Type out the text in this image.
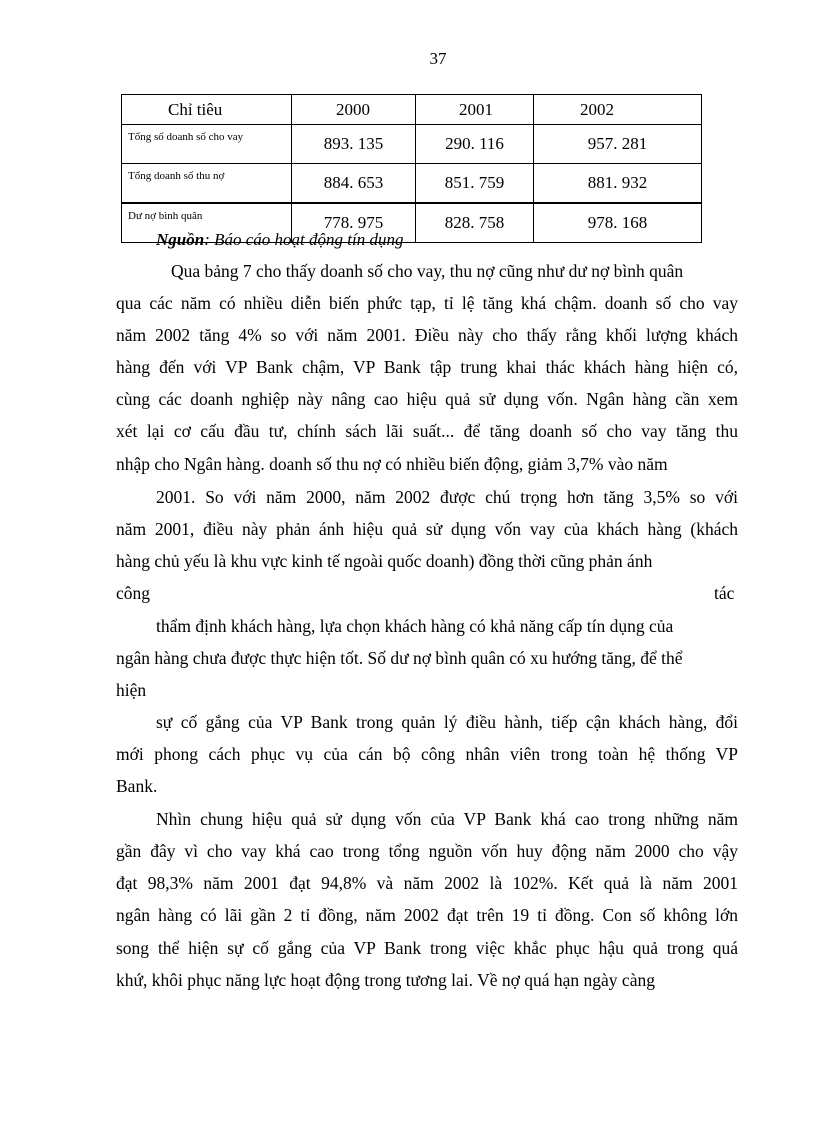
37
Chỉ tiêu	2000	2001	2002
Tổng số doanh số cho vay	893. 135	290. 116	957. 281
Tổng doanh số thu nợ	884. 653	851. 759	881. 932
Dư nợ bình quân	778. 975	828. 758	978. 168
Nguồn: Báo cáo hoạt động tín dụng
Qua bảng 7 cho thấy doanh số cho vay, thu nợ cũng như dư nợ bình quân
qua các năm có nhiều diễn biến phức tạp, tỉ lệ tăng khá chậm. doanh số cho vay
năm 2002 tăng 4% so với năm 2001. Điều này cho thấy rằng khối lượng khách
hàng đến với VP Bank chậm, VP Bank tập trung khai thác khách hàng hiện có,
cùng các doanh nghiệp này nâng cao hiệu quả sử dụng vốn. Ngân hàng cần xem
xét lại cơ cấu đầu tư, chính sách lãi suất... để tăng doanh số cho vay tăng thu
nhập cho Ngân hàng. doanh số thu nợ có nhiều biến động, giảm 3,7% vào năm
2001. So với năm 2000, năm 2002 được chú trọng hơn tăng 3,5% so với
năm 2001, điều này phản ánh hiệu quả sử dụng vốn vay của khách hàng (khách
hàng chủ yếu là khu vực kinh tế ngoài quốc doanh) đồng thời cũng phản ánh
công	tác
thẩm định khách hàng, lựa chọn khách hàng có khả năng cấp tín dụng của
ngân hàng chưa được thực hiện tốt. Số dư nợ bình quân có xu hướng tăng, để thể
hiện
sự cố gắng của VP Bank trong quản lý điều hành, tiếp cận khách hàng, đổi
mới phong cách phục vụ của cán bộ công nhân viên trong toàn hệ thống VP
Bank.
Nhìn chung hiệu quả sử dụng vốn của VP Bank khá cao trong những năm
gần đây vì cho vay khá cao trong tổng nguồn vốn huy động năm 2000 cho vậy
đạt 98,3% năm 2001 đạt 94,8% và năm 2002 là 102%. Kết quả là năm 2001
ngân hàng có lãi gần 2 tỉ đồng, năm 2002 đạt trên 19 tỉ đồng. Con số không lớn
song thể hiện sự cố gắng của VP Bank trong việc khắc phục hậu quả trong quá
khứ, khôi phục năng lực hoạt động trong tương lai. Về nợ quá hạn ngày càng
